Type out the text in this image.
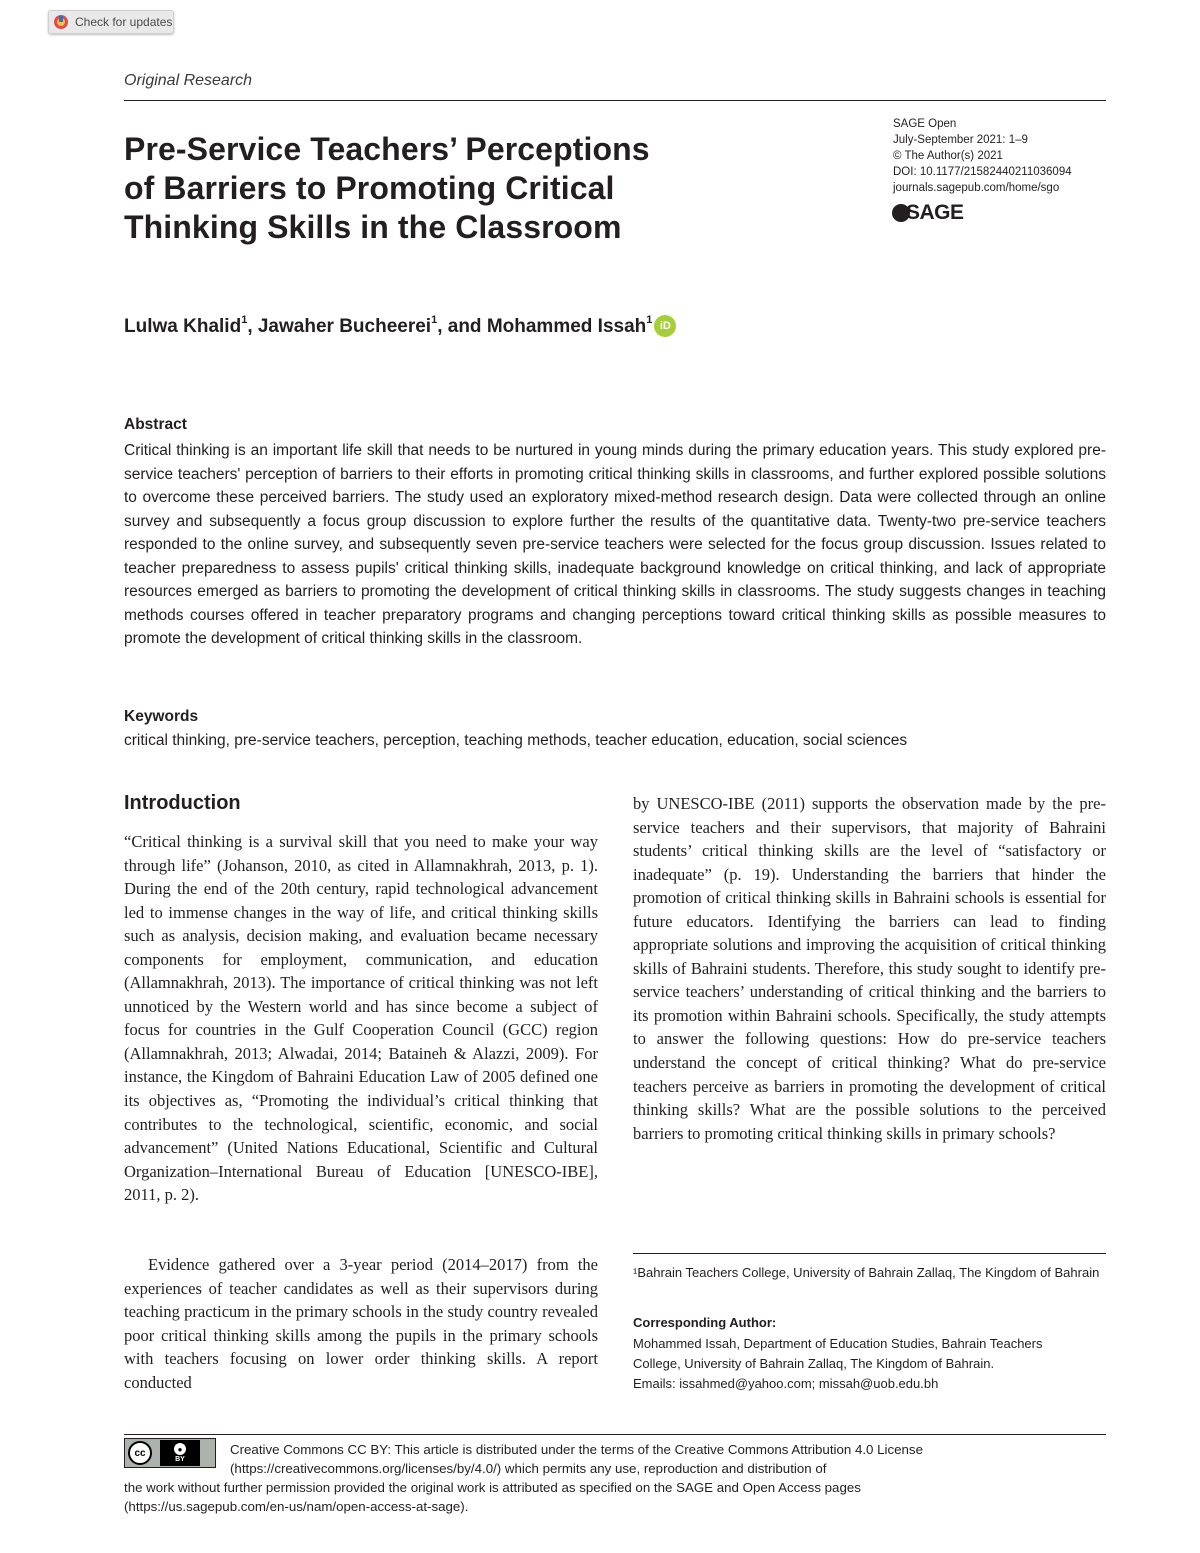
Check for updates
Original Research
Pre-Service Teachers’ Perceptions
of Barriers to Promoting Critical
Thinking Skills in the Classroom
SAGE Open
July-September 2021: 1–9
© The Author(s) 2021
DOI: 10.1177/21582440211036094
journals.sagepub.com/home/sgo
SAGE
Lulwa Khalid$^1$ , Jawaher Bucheerei$^1$ , and Mohammed Issah$^1$ iD
Abstract

Critical thinking is an important life skill that needs to be nurtured in young minds during the primary education years. This study explored pre-service teachers' perception of barriers to their efforts in promoting critical thinking skills in classrooms, and further explored possible solutions to overcome these perceived barriers. The study used an exploratory mixed-method research design. Data were collected through an online survey and subsequently a focus group discussion to explore further the results of the quantitative data. Twenty-two pre-service teachers responded to the online survey, and subsequently seven pre-service teachers were selected for the focus group discussion. Issues related to teacher preparedness to assess pupils' critical thinking skills, inadequate background knowledge on critical thinking, and lack of appropriate resources emerged as barriers to promoting the development of critical thinking skills in classrooms. The study suggests changes in teaching methods courses offered in teacher preparatory programs and changing perceptions toward critical thinking skills as possible measures to promote the development of critical thinking skills in the classroom.

Keywords
critical thinking, pre-service teachers, perception, teaching methods, teacher education, education, social sciences
Introduction

“Critical thinking is a survival skill that you need to make your way through life” (Johanson, 2010, as cited in Allamnakhrah, 2013, p. 1). During the end of the 20th century, rapid technological advancement led to immense changes in the way of life, and critical thinking skills such as analysis, decision making, and evaluation became necessary components for employment, communication, and education (Allamnakhrah, 2013). The importance of critical thinking was not left unnoticed by the Western world and has since become a subject of focus for countries in the Gulf Cooperation Council (GCC) region (Allamnakhrah, 2013; Alwadai, 2014; Bataineh & Alazzi, 2009). For instance, the Kingdom of Bahraini Education Law of 2005 defined one its objectives as, “Promoting the individual’s critical thinking that contributes to the technological, scientific, economic, and social advancement” (United Nations Educational, Scientific and Cultural Organization–International Bureau of Education [UNESCO-IBE], 2011, p. 2).

Evidence gathered over a 3-year period (2014–2017) from the experiences of teacher candidates as well as their supervisors during teaching practicum in the primary schools in the study country revealed poor critical thinking skills among the pupils in the primary schools with teachers focusing on lower order thinking skills. A report conducted

by UNESCO-IBE (2011) supports the observation made by the pre-service teachers and their supervisors, that majority of Bahraini students’ critical thinking skills are the level of “satisfactory or inadequate” (p. 19). Understanding the barriers that hinder the promotion of critical thinking skills in Bahraini schools is essential for future educators. Identifying the barriers can lead to finding appropriate solutions and improving the acquisition of critical thinking skills of Bahraini students. Therefore, this study sought to identify pre-service teachers’ understanding of critical thinking and the barriers to its promotion within Bahraini schools. Specifically, the study attempts to answer the following questions: How do pre-service teachers understand the concept of critical thinking? What do pre-service teachers perceive as barriers in promoting the development of critical thinking skills? What are the possible solutions to the perceived barriers to promoting critical thinking skills in primary schools?

¹Bahrain Teachers College, University of Bahrain Zallaq, The Kingdom of Bahrain
Corresponding Author:
Mohammed Issah, Department of Education Studies, Bahrain Teachers
College, University of Bahrain Zallaq, The Kingdom of Bahrain.
Emails: issahmed@yahoo.com; missah@uob.edu.bh
cc	●
BY
Creative Commons CC BY: This article is distributed under the terms of the Creative Commons Attribution 4.0 License
(https://creativecommons.org/licenses/by/4.0/) which permits any use, reproduction and distribution of
the work without further permission provided the original work is attributed as specified on the SAGE and Open Access pages
(https://us.sagepub.com/en-us/nam/open-access-at-sage).
